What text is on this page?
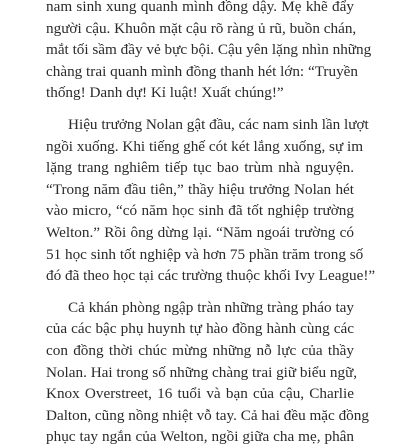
nam sinh xung quanh mình đồng dậy. Mẹ khẽ đẩy
người cậu. Khuôn mặt cậu rõ ràng ủ rũ, buồn chán,
mắt tối sầm đầy vẻ bực bội. Cậu yên lặng nhìn những
chàng trai quanh mình đồng thanh hét lớn: “Truyền
thống! Danh dự! Kỉ luật! Xuất chúng!”
Hiệu trưởng Nolan gật đầu, các nam sinh lần lượt
ngồi xuống. Khi tiếng ghế cót két lắng xuống, sự im
lặng trang nghiêm tiếp tục bao trùm nhà nguyện.
“Trong năm đầu tiên,” thầy hiệu trưởng Nolan hét
vào micro, “có năm học sinh đã tốt nghiệp trường
Welton.” Rồi ông dừng lại. “Năm ngoái trường có
51 học sinh tốt nghiệp và hơn 75 phần trăm trong số
đó đã theo học tại các trường thuộc khối Ivy League!”
Cả khán phòng ngập tràn những tràng pháo tay
của các bậc phụ huynh tự hào đồng hành cùng các
con đồng thời chúc mừng những nỗ lực của thầy
Nolan. Hai trong số những chàng trai giữ biểu ngữ,
Knox Overstreet, 16 tuổi và bạn của cậu, Charlie
Dalton, cũng nồng nhiệt vỗ tay. Cả hai đều mặc đồng
phục tay ngắn của Welton, ngồi giữa cha mẹ, phân
